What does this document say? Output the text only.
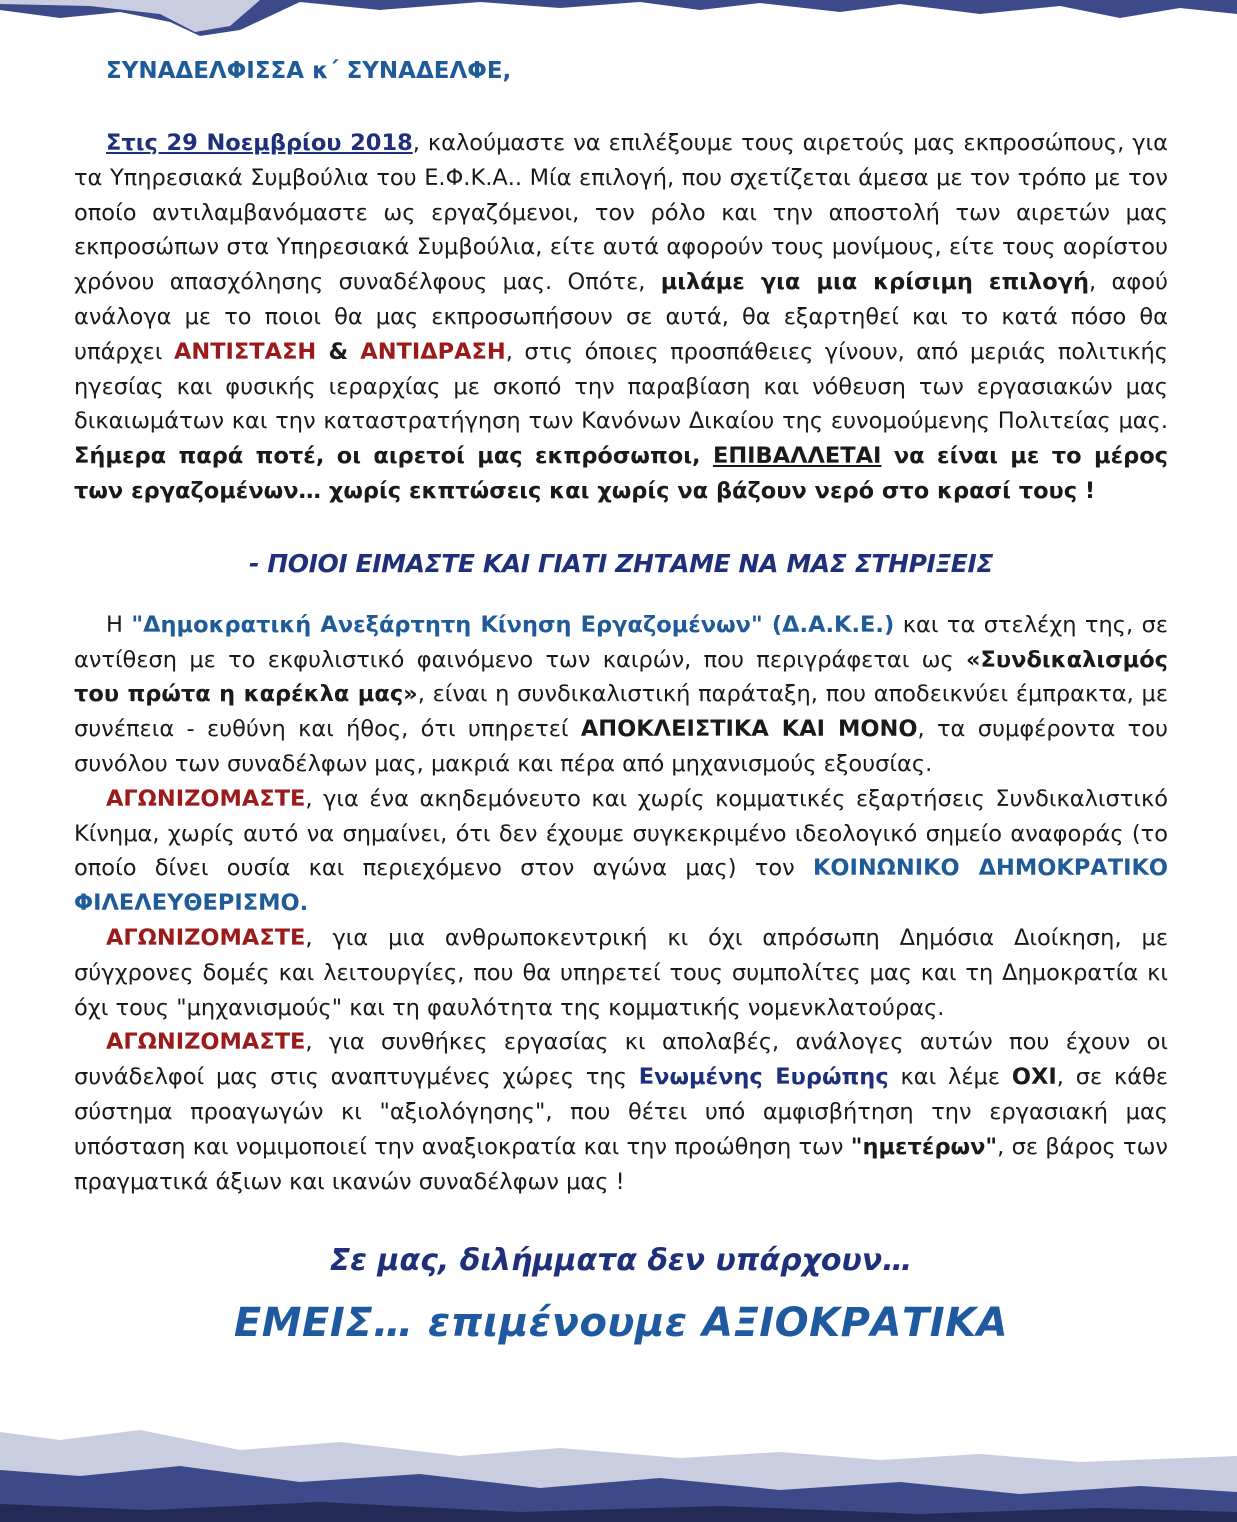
ΣΥΝΑΔΕΛΦΙΣΣΑ κ΄ ΣΥΝΑΔΕΛΦΕ,

Στις 29 Νοεμβρίου 2018, καλούμαστε να επιλέξουμε τους αιρετούς μας εκπροσώπους, για τα Υπηρεσιακά Συμβούλια του Ε.Φ.Κ.Α.. Μία επιλογή, που σχετίζεται άμεσα με τον τρόπο με τον οποίο αντιλαμβανόμαστε ως εργαζόμενοι, τον ρόλο και την αποστολή των αιρετών μας εκπροσώπων στα Υπηρεσιακά Συμβούλια, είτε αυτά αφορούν τους μονίμους, είτε τους αορίστου χρόνου απασχόλησης συναδέλφους μας. Οπότε, μιλάμε για μια κρίσιμη επιλογή, αφού ανάλογα με το ποιοι θα μας εκπροσωπήσουν σε αυτά, θα εξαρτηθεί και το κατά πόσο θα υπάρχει ΑΝΤΙΣΤΑΣΗ & ΑΝΤΙΔΡΑΣΗ, στις όποιες προσπάθειες γίνουν, από μεριάς πολιτικής ηγεσίας και φυσικής ιεραρχίας με σκοπό την παραβίαση και νόθευση των εργασιακών μας δικαιωμάτων και την καταστρατήγηση των Κανόνων Δικαίου της ευνομούμενης Πολιτείας μας. Σήμερα παρά ποτέ, οι αιρετοί μας εκπρόσωποι, ΕΠΙΒΑΛΛΕΤΑΙ να είναι με το μέρος των εργαζομένων… χωρίς εκπτώσεις και χωρίς να βάζουν νερό στο κρασί τους !

- ΠΟΙΟΙ ΕΙΜΑΣΤΕ ΚΑΙ ΓΙΑΤΙ ΖΗΤΑΜΕ ΝΑ ΜΑΣ ΣΤΗΡΙΞΕΙΣ

Η "Δημοκρατική Ανεξάρτητη Κίνηση Εργαζομένων" (Δ.Α.Κ.Ε.) και τα στελέχη της, σε αντίθεση με το εκφυλιστικό φαινόμενο των καιρών, που περιγράφεται ως «Συνδικαλισμός του πρώτα η καρέκλα μας», είναι η συνδικαλιστική παράταξη, που αποδεικνύει έμπρακτα, με συνέπεια - ευθύνη και ήθος, ότι υπηρετεί ΑΠΟΚΛΕΙΣΤΙΚΑ ΚΑΙ ΜΟΝΟ, τα συμφέροντα του συνόλου των συναδέλφων μας, μακριά και πέρα από μηχανισμούς εξουσίας.

ΑΓΩΝΙΖΟΜΑΣΤΕ, για ένα ακηδεμόνευτο και χωρίς κομματικές εξαρτήσεις Συνδικαλιστικό Κίνημα, χωρίς αυτό να σημαίνει, ότι δεν έχουμε συγκεκριμένο ιδεολογικό σημείο αναφοράς (το οποίο δίνει ουσία και περιεχόμενο στον αγώνα μας) τον ΚΟΙΝΩΝΙΚΟ ΔΗΜΟΚΡΑΤΙΚΟ ΦΙΛΕΛΕΥΘΕΡΙΣΜΟ.

ΑΓΩΝΙΖΟΜΑΣΤΕ, για μια ανθρωποκεντρική κι όχι απρόσωπη Δημόσια Διοίκηση, με σύγχρονες δομές και λειτουργίες, που θα υπηρετεί τους συμπολίτες μας και τη Δημοκρατία κι όχι τους "μηχανισμούς" και τη φαυλότητα της κομματικής νομενκλατούρας.

ΑΓΩΝΙΖΟΜΑΣΤΕ, για συνθήκες εργασίας κι απολαβές, ανάλογες αυτών που έχουν οι συνάδελφοί μας στις αναπτυγμένες χώρες της Ενωμένης Ευρώπης και λέμε ΟΧΙ, σε κάθε σύστημα προαγωγών κι "αξιολόγησης", που θέτει υπό αμφισβήτηση την εργασιακή μας υπόσταση και νομιμοποιεί την αναξιοκρατία και την προώθηση των "ημετέρων", σε βάρος των πραγματικά άξιων και ικανών συναδέλφων μας !

Σε μας, διλήμματα δεν υπάρχουν…
ΕΜΕΙΣ… επιμένουμε ΑΞΙΟΚΡΑΤΙΚΑ
